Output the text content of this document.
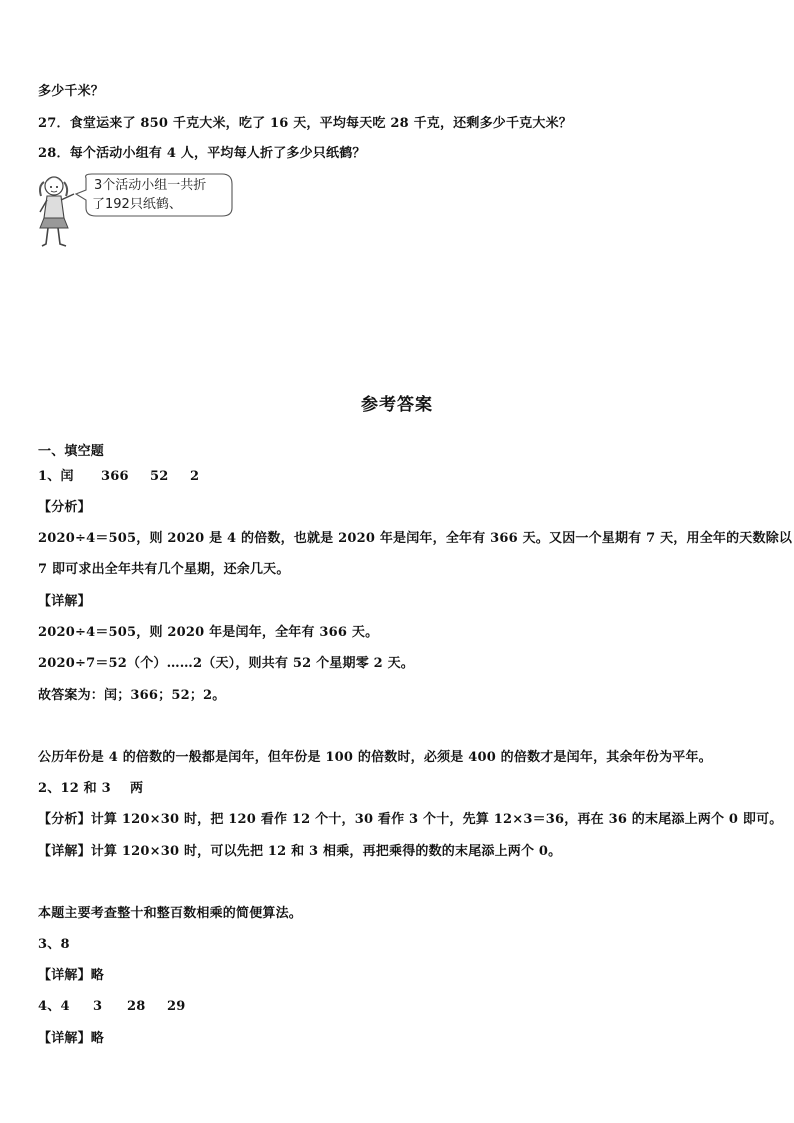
多少千米？
27．食堂运来了 850 千克大米，吃了 16 天，平均每天吃 28 千克，还剩多少千克大米？
28．每个活动小组有 4 人，平均每人折了多少只纸鹤？
3个活动小组一共折
了192只纸鹤、
参考答案
一、填空题
1、闰 366 52 2
【分析】
2020÷4＝505，则 2020 是 4 的倍数，也就是 2020 年是闰年，全年有 366 天。又因一个星期有 7 天，用全年的天数除以
7 即可求出全年共有几个星期，还余几天。
【详解】
2020÷4＝505，则 2020 年是闰年，全年有 366 天。
2020÷7＝52（个）……2（天），则共有 52 个星期零 2 天。
故答案为：闰；366；52；2。
公历年份是 4 的倍数的一般都是闰年，但年份是 100 的倍数时，必须是 400 的倍数才是闰年，其余年份为平年。
2、12 和 3 两
【分析】计算 120×30 时，把 120 看作 12 个十，30 看作 3 个十，先算 12×3＝36，再在 36 的末尾添上两个 0 即可。
【详解】计算 120×30 时，可以先把 12 和 3 相乘，再把乘得的数的末尾添上两个 0。
本题主要考查整十和整百数相乘的简便算法。
3、8
【详解】略
4、4 3 28 29
【详解】略
